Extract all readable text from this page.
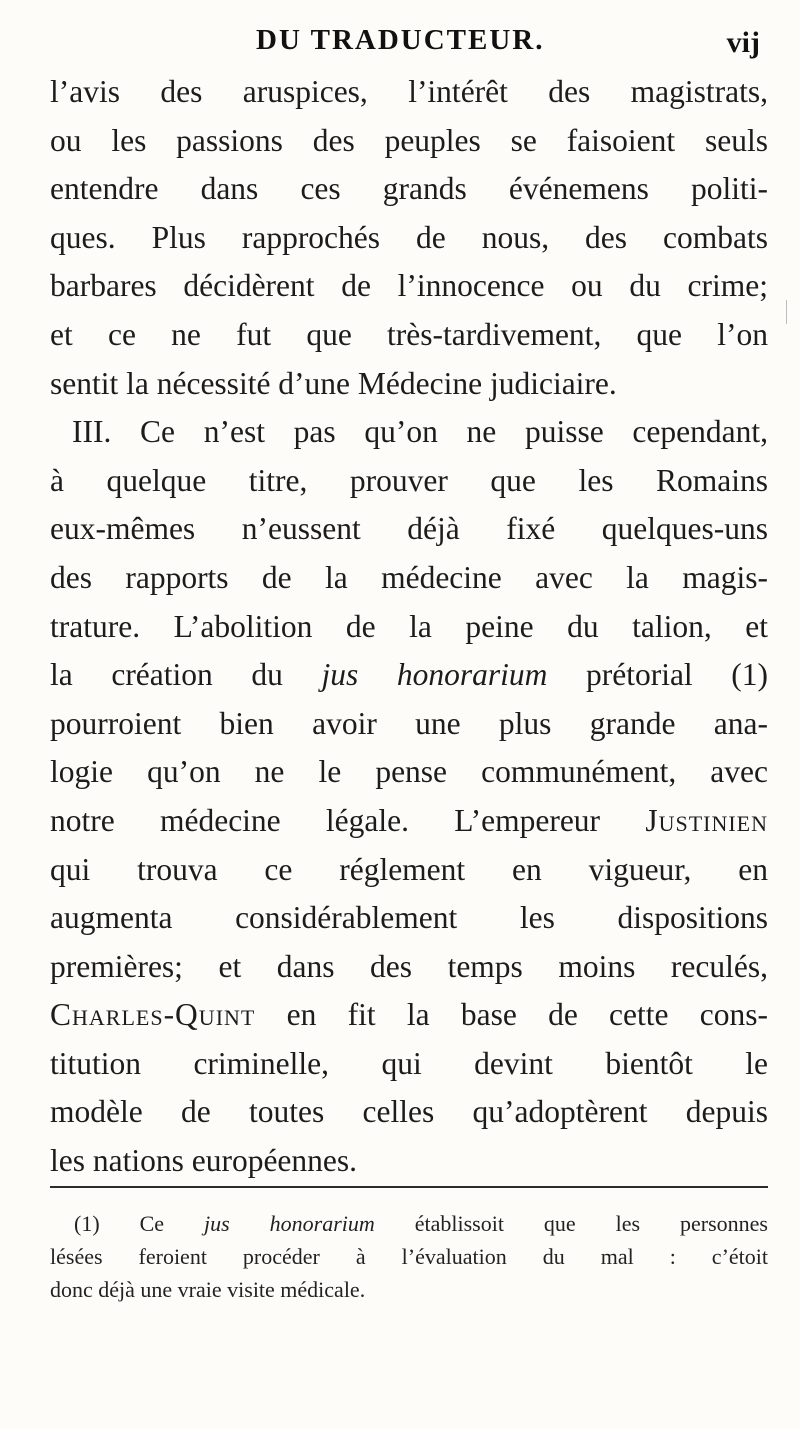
DU TRADUCTEUR.	vij
l’avis des aruspices, l’intérêt des magistrats,
ou les passions des peuples se faisoient seuls
entendre dans ces grands événemens politi-
ques. Plus rapprochés de nous, des combats
barbares décidèrent de l’innocence ou du crime;
et ce ne fut que très-tardivement, que l’on
sentit la nécessité d’une Médecine judiciaire.
III. Ce n’est pas qu’on ne puisse cependant,
à quelque titre, prouver que les Romains
eux-mêmes n’eussent déjà fixé quelques-uns
des rapports de la médecine avec la magis-
trature. L’abolition de la peine du talion, et
la création du jus honorarium prétorial (1)
pourroient bien avoir une plus grande ana-
logie qu’on ne le pense communément, avec
notre médecine légale. L’empereur Justinien
qui trouva ce réglement en vigueur, en
augmenta considérablement les dispositions
premières; et dans des temps moins reculés,
Charles-Quint en fit la base de cette cons-
titution criminelle, qui devint bientôt le
modèle de toutes celles qu’adoptèrent depuis
les nations européennes.
(1) Ce jus honorarium établissoit que les personnes
lésées feroient procéder à l’évaluation du mal : c’étoit
donc déjà une vraie visite médicale.
